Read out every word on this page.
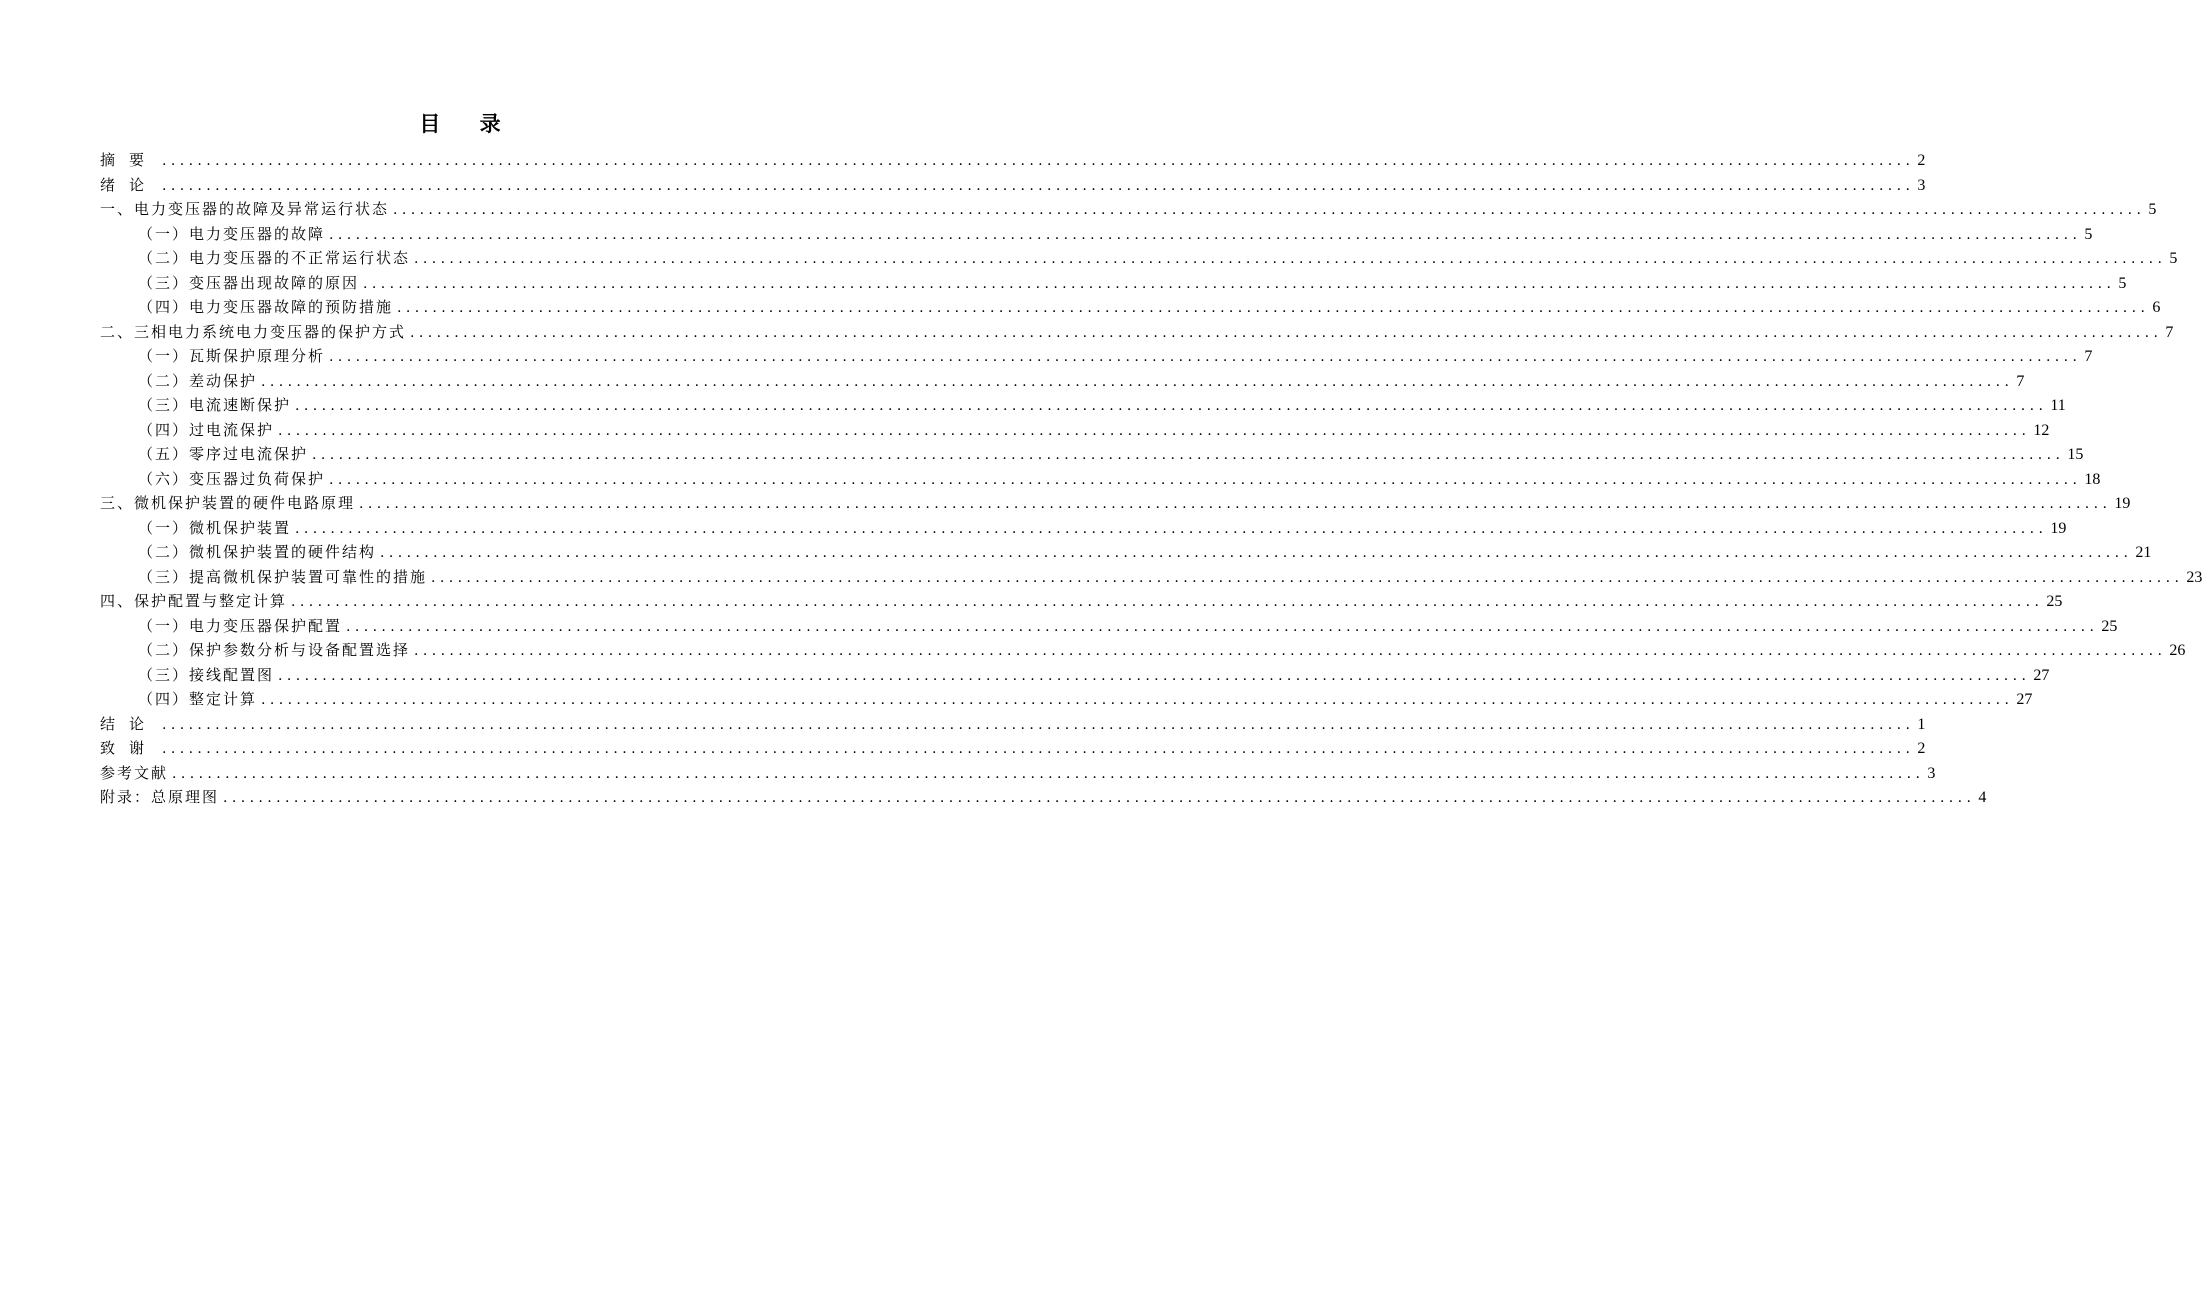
目 录
摘要 ...................................................................................................................................................................................................... 2
绪论 ...................................................................................................................................................................................................... 3
一、电力变压器的故障及异常运行状态 ...................................................................................................................................................................................................... 5
（一）电力变压器的故障 ...................................................................................................................................................................................................... 5
（二）电力变压器的不正常运行状态 ...................................................................................................................................................................................................... 5
（三）变压器出现故障的原因 ...................................................................................................................................................................................................... 5
（四）电力变压器故障的预防措施 ...................................................................................................................................................................................................... 6
二、三相电力系统电力变压器的保护方式 ...................................................................................................................................................................................................... 7
（一）瓦斯保护原理分析 ...................................................................................................................................................................................................... 7
（二）差动保护 ...................................................................................................................................................................................................... 7
（三）电流速断保护 ...................................................................................................................................................................................................... 11
（四）过电流保护 ...................................................................................................................................................................................................... 12
（五）零序过电流保护 ...................................................................................................................................................................................................... 15
（六）变压器过负荷保护 ...................................................................................................................................................................................................... 18
三、微机保护装置的硬件电路原理 ...................................................................................................................................................................................................... 19
（一）微机保护装置 ...................................................................................................................................................................................................... 19
（二）微机保护装置的硬件结构 ...................................................................................................................................................................................................... 21
（三）提高微机保护装置可靠性的措施 ...................................................................................................................................................................................................... 23
四、保护配置与整定计算 ...................................................................................................................................................................................................... 25
（一）电力变压器保护配置 ...................................................................................................................................................................................................... 25
（二）保护参数分析与设备配置选择 ...................................................................................................................................................................................................... 26
（三）接线配置图 ...................................................................................................................................................................................................... 27
（四）整定计算 ...................................................................................................................................................................................................... 27
结论 ...................................................................................................................................................................................................... 1
致谢 ...................................................................................................................................................................................................... 2
参考文献 ...................................................................................................................................................................................................... 3
附录：总原理图 ...................................................................................................................................................................................................... 4
